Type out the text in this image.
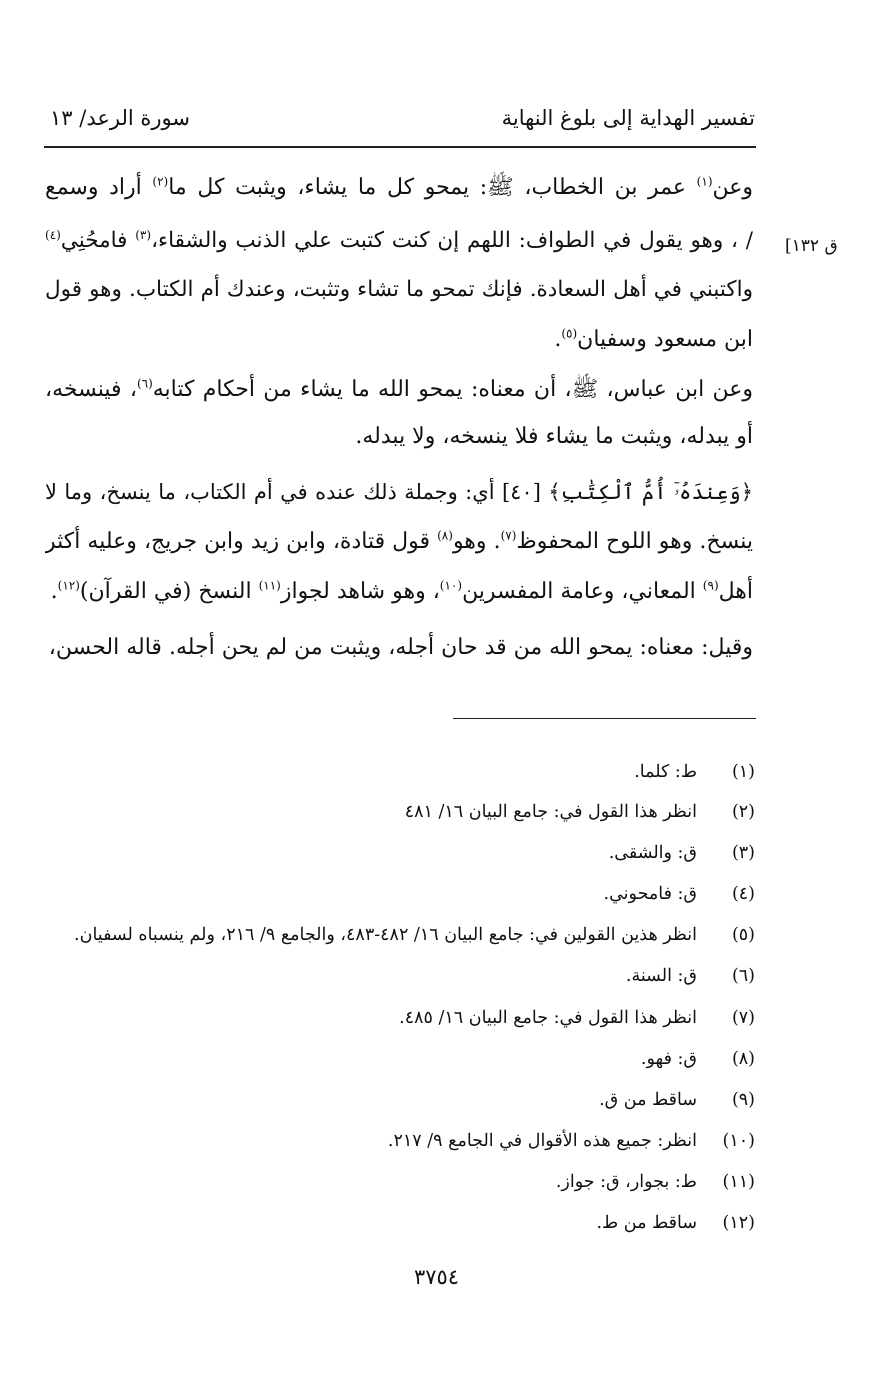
تفسير الهداية إلى بلوغ النهاية
سورة الرعد/ ١٣
[ق ١٣٢
وعن$^{(١)}$ عمر بن الخطاب، ﷺ: يمحو كل ما يشاء، ويثبت كل ما$^{(٢)}$ أراد وسمع
/ ، وهو يقول في الطواف: اللهم إن كنت كتبت علي الذنب والشقاء،$^{(٣)}$ فامحُنِي$^{(٤)}$
واكتبني في أهل السعادة. فإنك تمحو ما تشاء وتثبت، وعندك أم الكتاب. وهو قول
ابن مسعود وسفيان$^{(٥)}$.
وعن ابن عباس، ﷺ، أن معناه: يمحو الله ما يشاء من أحكام كتابه$^{(٦)}$، فينسخه،
أو يبدله، ويثبت ما يشاء فلا ينسخه، ولا يبدله.
﴿وَعِندَهُۥٓ أُمُّ ٱلْكِتَٰبِ﴾ [٤٠] أي: وجملة ذلك عنده في أم الكتاب، ما ينسخ، وما لا
ينسخ. وهو اللوح المحفوظ$^{(٧)}$. وهو$^{(٨)}$ قول قتادة، وابن زيد وابن جريج، وعليه أكثر
أهل$^{(٩)}$ المعاني، وعامة المفسرين$^{(١٠)}$، وهو شاهد لجواز$^{(١١)}$ النسخ (في القرآن)$^{(١٢)}$.
وقيل: معناه: يمحو الله من قد حان أجله، ويثبت من لم يحن أجله. قاله الحسن،
(١)ط: كلما.
(٢)انظر هذا القول في: جامع البيان ١٦/ ٤٨١
(٣)ق: والشقى.
(٤)ق: فامحوني.
(٥)انظر هذين القولين في: جامع البيان ١٦/ ٤٨٢-٤٨٣، والجامع ٩/ ٢١٦، ولم ينسباه لسفيان.
(٦)ق: السنة.
(٧)انظر هذا القول في: جامع البيان ١٦/ ٤٨٥.
(٨)ق: فهو.
(٩)ساقط من ق.
(١٠)انظر: جميع هذه الأقوال في الجامع ٩/ ٢١٧.
(١١)ط: بجوار، ق: جواز.
(١٢)ساقط من ط.
٣٧٥٤
